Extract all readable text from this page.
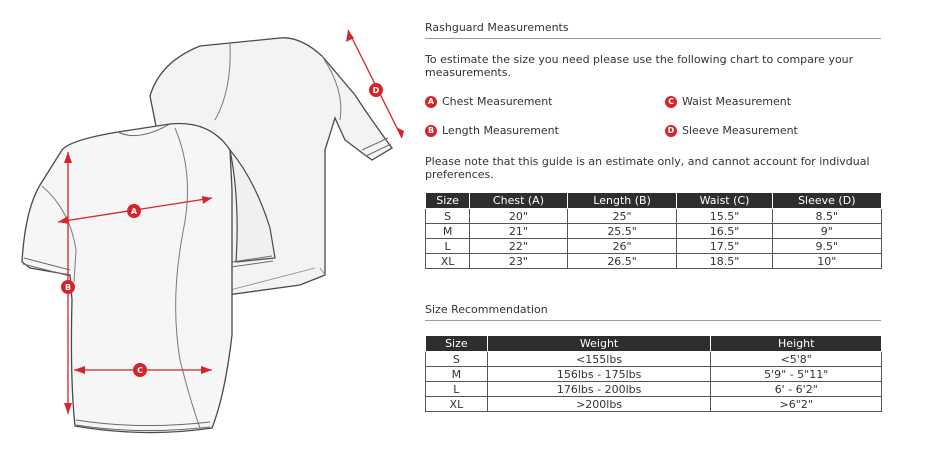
D
A
B
C
Rashguard Measurements
To estimate the size you need please use the following chart to compare your measurements.
A Chest Measurement	C Waist Measurement
B Length Measurement	D Sleeve Measurement
Please note that this guide is an estimate only, and cannot account for indivdual preferences.
Size	Chest (A)	Length (B)	Waist (C)	Sleeve (D)
S	20"	25"	15.5"	8.5"
M	21"	25.5"	16.5"	9"
L	22"	26"	17.5"	9.5"
XL	23"	26.5"	18.5"	10"
Size Recommendation
Size	Weight	Height
S	<155lbs	<5'8"
M	156lbs - 175lbs	5'9" - 5"11"
L	176lbs - 200lbs	6' - 6'2"
XL	>200lbs	>6"2"
